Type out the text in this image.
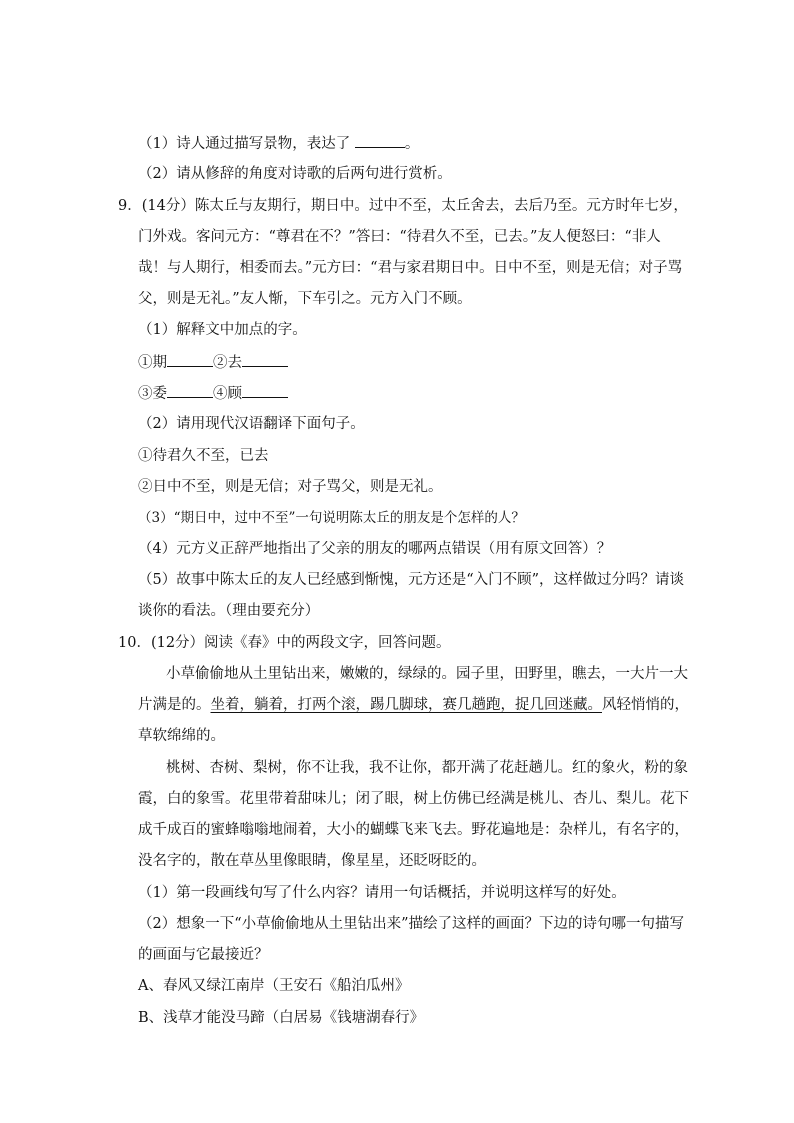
（1）诗人通过描写景物，表达了	。

（2）请从修辞的角度对诗歌的后两句进行赏析。

9．(14分）陈太丘与友期行，期日中。过中不至，太丘舍去，去后乃至。元方时年七岁，

门外戏。客问元方：“尊君在不？”答曰：“待君久不至，已去。”友人便怒曰：“非人

哉！与人期行，相委而去。”元方曰：“君与家君期日中。日中不至，则是无信；对子骂

父，则是无礼。”友人惭，下车引之。元方入门不顾。

（1）解释文中加点的字。

①期	②去

③委	④顾

（2）请用现代汉语翻译下面句子。

①待君久不至，已去

②日中不至，则是无信；对子骂父，则是无礼。

（3）“期日中，过中不至”一句说明陈太丘的朋友是个怎样的人？

（4）元方义正辞严地指出了父亲的朋友的哪两点错误（用有原文回答）？

（5）故事中陈太丘的友人已经感到惭愧，元方还是“入门不顾”，这样做过分吗？请谈

谈你的看法。（理由要充分）

10．(12分）阅读《春》中的两段文字，回答问题。

小草偷偷地从土里钻出来，嫩嫩的，绿绿的。园子里，田野里，瞧去，一大片一大

片满是的。坐着，躺着，打两个滚，踢几脚球，赛几趟跑，捉几回迷藏。风轻悄悄的，

草软绵绵的。

桃树、杏树、梨树，你不让我，我不让你，都开满了花赶趟儿。红的象火，粉的象

霞，白的象雪。花里带着甜味儿；闭了眼，树上仿佛已经满是桃儿、杏儿、梨儿。花下

成千成百的蜜蜂嗡嗡地闹着，大小的蝴蝶飞来飞去。野花遍地是：杂样儿，有名字的，

没名字的，散在草丛里像眼睛，像星星，还眨呀眨的。

（1）第一段画线句写了什么内容？请用一句话概括，并说明这样写的好处。

（2）想象一下“小草偷偷地从土里钻出来”描绘了这样的画面？下边的诗句哪一句描写

的画面与它最接近？

A、春风又绿江南岸（王安石《船泊瓜州》

B、浅草才能没马蹄（白居易《钱塘湖春行》
